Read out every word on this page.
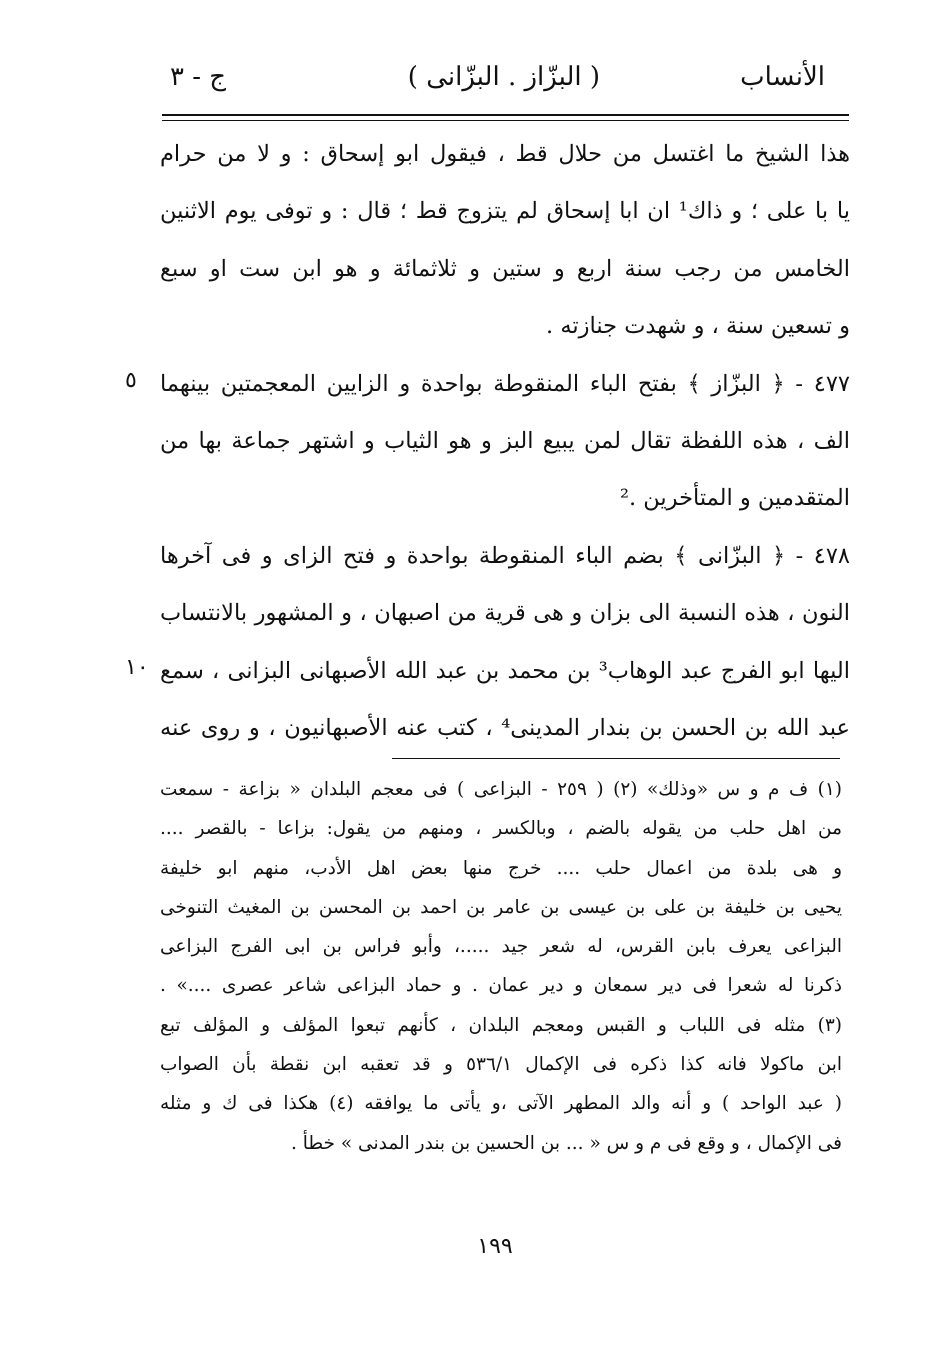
الأنساب
( البزّاز . البزّانى )
ج - ٣
هذا الشيخ ما اغتسل من حلال قط ، فيقول ابو إسحاق : و لا من حرام
يا با على ؛ و ذاك¹ ان ابا إسحاق لم يتزوج قط ؛ قال : و توفى يوم الاثنين
الخامس من رجب سنة اربع و ستين و ثلاثمائة و هو ابن ست او سبع
و تسعين سنة ، و شهدت جنازته .
٤٧٧ - ﴿ البزّاز ﴾ بفتح الباء المنقوطة بواحدة و الزايين المعجمتين بينهما
الف ، هذه اللفظة تقال لمن يبيع البز و هو الثياب و اشتهر جماعة بها من
المتقدمين و المتأخرين .²
٤٧٨ - ﴿ البزّانى ﴾ بضم الباء المنقوطة بواحدة و فتح الزاى و فى آخرها
النون ، هذه النسبة الى بزان و هى قرية من اصبهان ، و المشهور بالانتساب
اليها ابو الفرج عبد الوهاب³ بن محمد بن عبد الله الأصبهانى البزانى ، سمع
عبد الله بن الحسن بن بندار المدينى⁴ ، كتب عنه الأصبهانيون ، و روى عنه
٥
١٠
(١) ف م و س «وذلك» (٢) ( ٢٥٩ - البزاعى ) فى معجم البلدان « بزاعة - سمعت
من اهل حلب من يقوله بالضم ، وبالكسر ، ومنهم من يقول: بزاعا - بالقصر ....
و هى بلدة من اعمال حلب .... خرج منها بعض اهل الأدب، منهم ابو خليفة
يحيى بن خليفة بن على بن عيسى بن عامر بن احمد بن المحسن بن المغيث التنوخى
البزاعى يعرف بابن القرس، له شعر جيد .....، وأبو فراس بن ابى الفرج البزاعى
ذكرنا له شعرا فى دير سمعان و دير عمان . و حماد البزاعى شاعر عصرى ....» .
(٣) مثله فى اللباب و القبس ومعجم البلدان ، كأنهم تبعوا المؤلف و المؤلف تبع
ابن ماكولا فانه كذا ذكره فى الإكمال ٥٣٦/١ و قد تعقبه ابن نقطة بأن الصواب
( عبد الواحد ) و أنه والد المطهر الآتى ،و يأتى ما يوافقه (٤) هكذا فى ك و مثله
فى الإكمال ، و وقع فى م و س « ... بن الحسين بن بندر المدنى » خطأ .
١٩٩
